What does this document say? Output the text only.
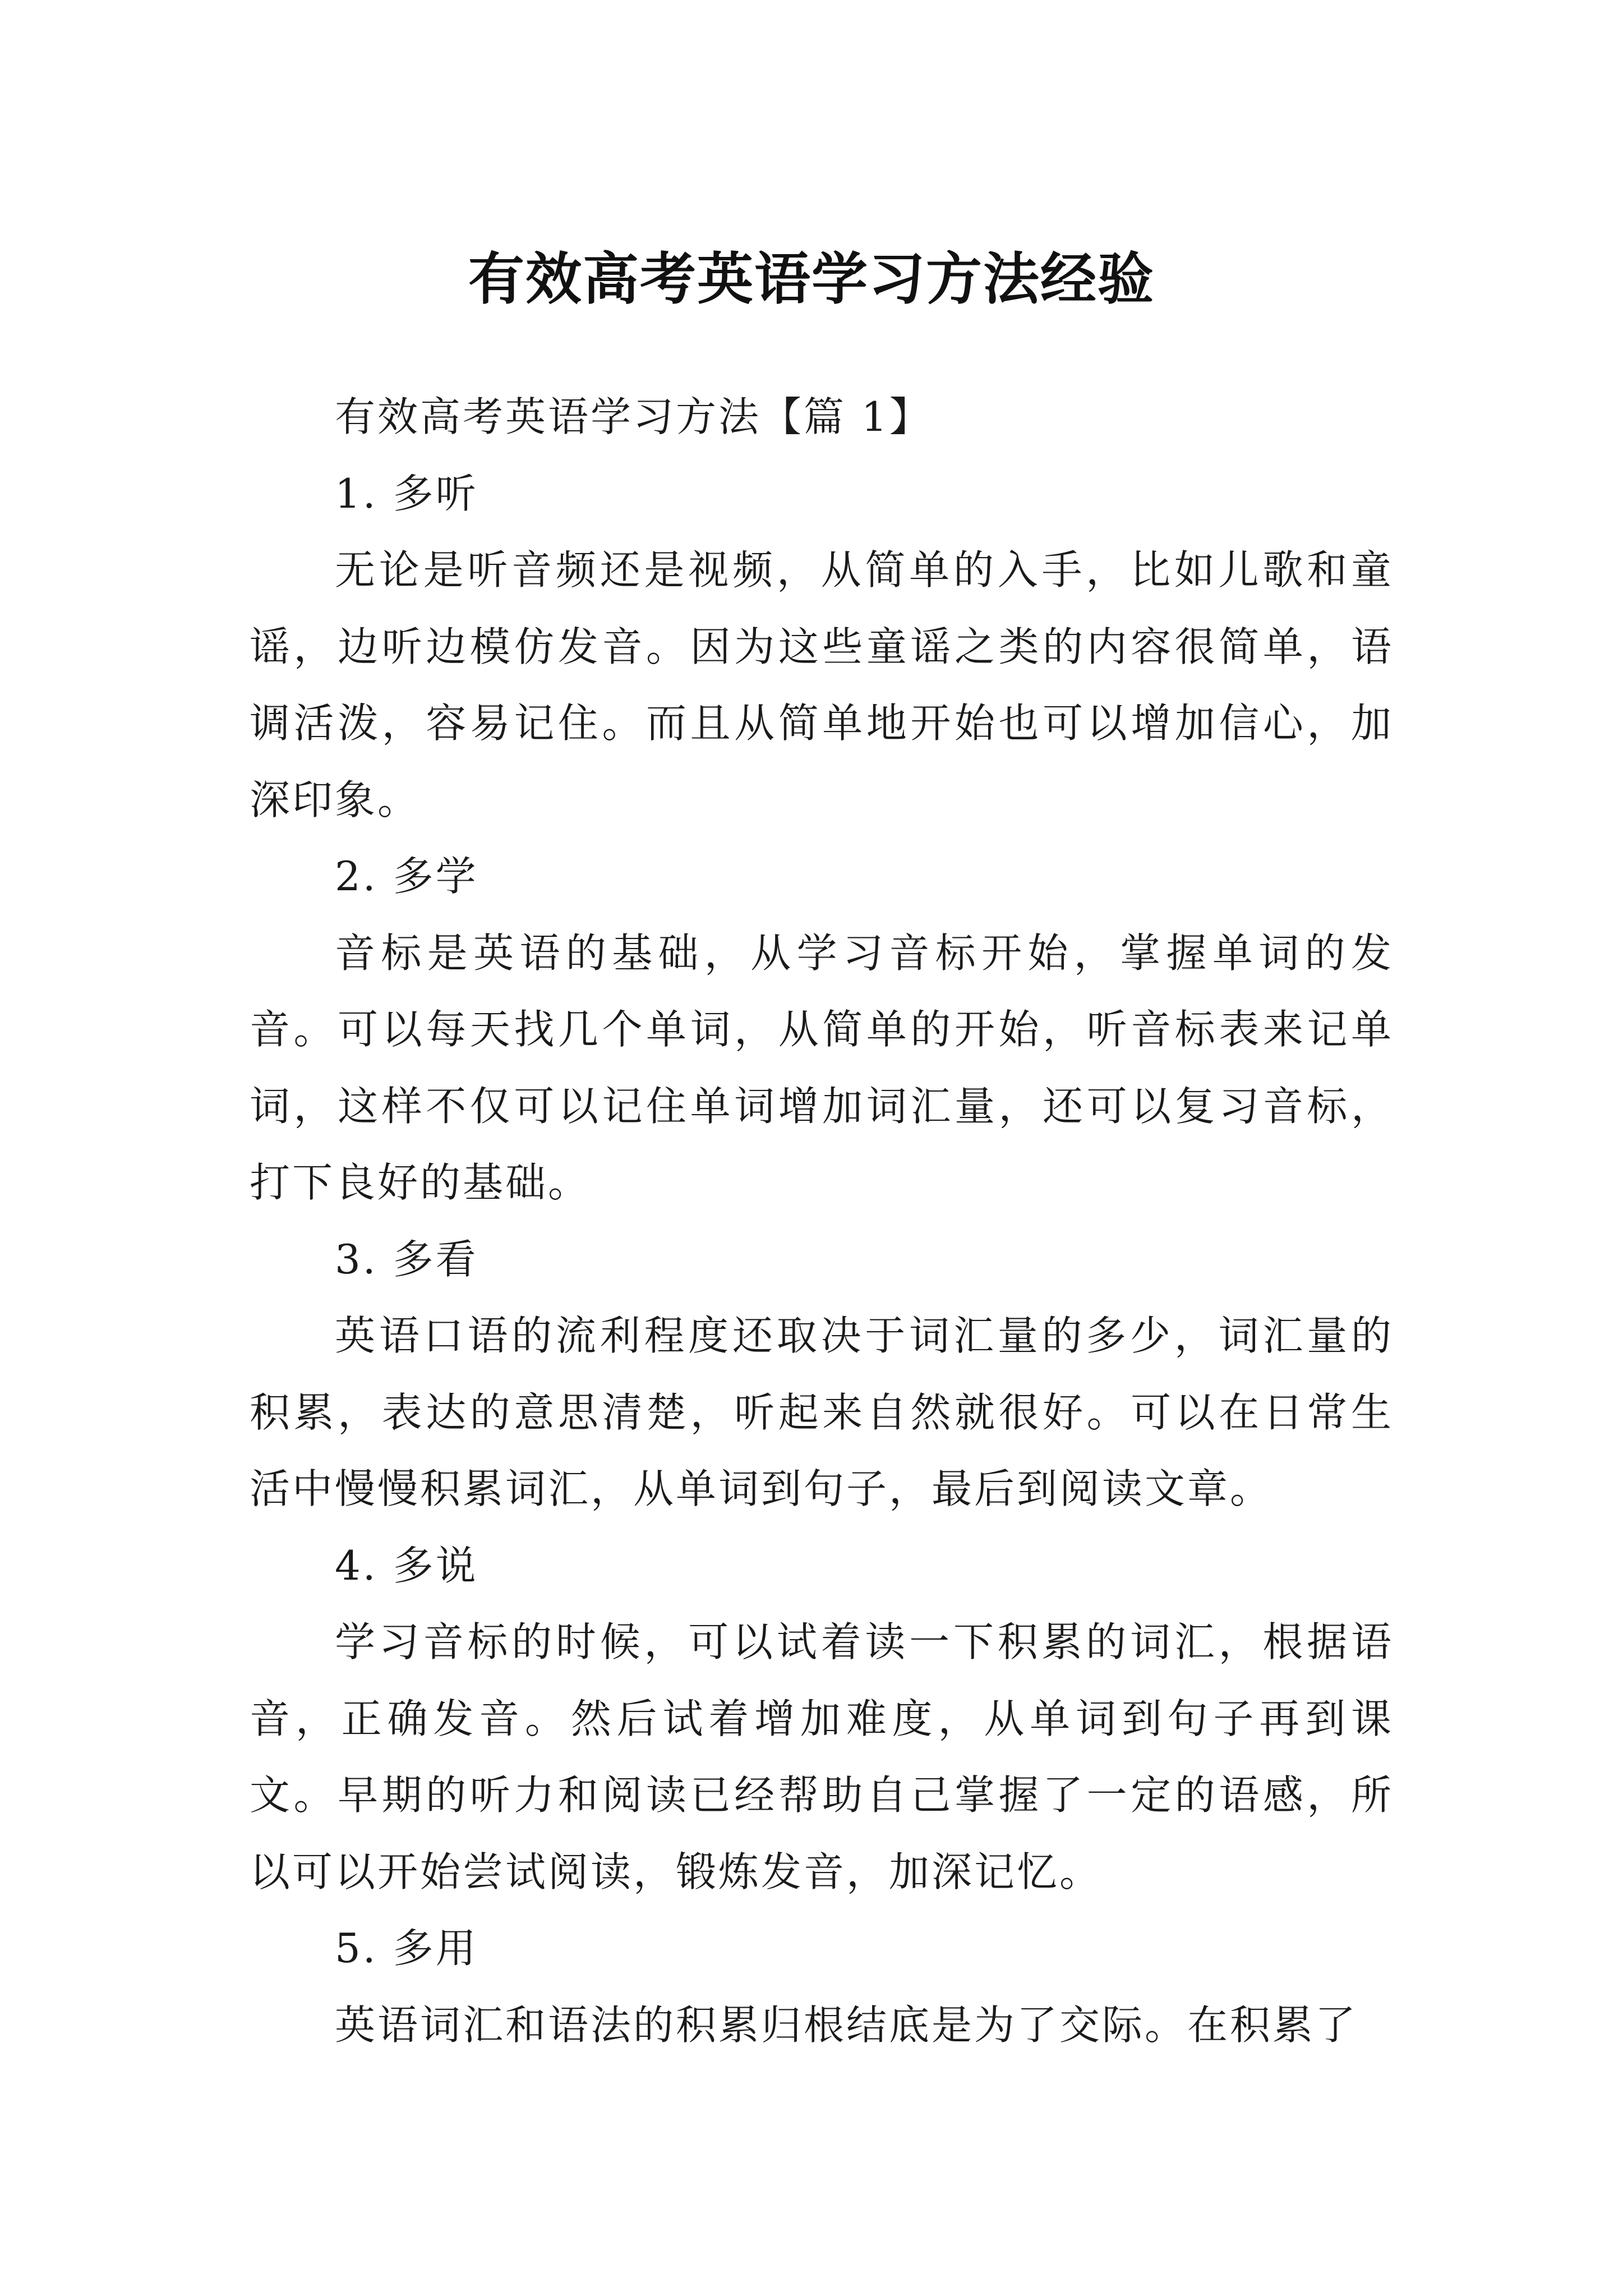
有效高考英语学习方法经验

有效高考英语学习方法【篇 1】

1. 多听

无论是听音频还是视频，从简单的入手，比如儿歌和童谣，边听边模仿发音。因为这些童谣之类的内容很简单，语调活泼，容易记住。而且从简单地开始也可以增加信心，加深印象。

2. 多学

音标是英语的基础，从学习音标开始，掌握单词的发音。可以每天找几个单词，从简单的开始，听音标表来记单词，这样不仅可以记住单词增加词汇量，还可以复习音标，打下良好的基础。

3. 多看

英语口语的流利程度还取决于词汇量的多少，词汇量的积累，表达的意思清楚，听起来自然就很好。可以在日常生活中慢慢积累词汇，从单词到句子，最后到阅读文章。

4. 多说

学习音标的时候，可以试着读一下积累的词汇，根据语音，正确发音。然后试着增加难度，从单词到句子再到课文。早期的听力和阅读已经帮助自己掌握了一定的语感，所以可以开始尝试阅读，锻炼发音，加深记忆。

5. 多用

英语词汇和语法的积累归根结底是为了交际。在积累了
